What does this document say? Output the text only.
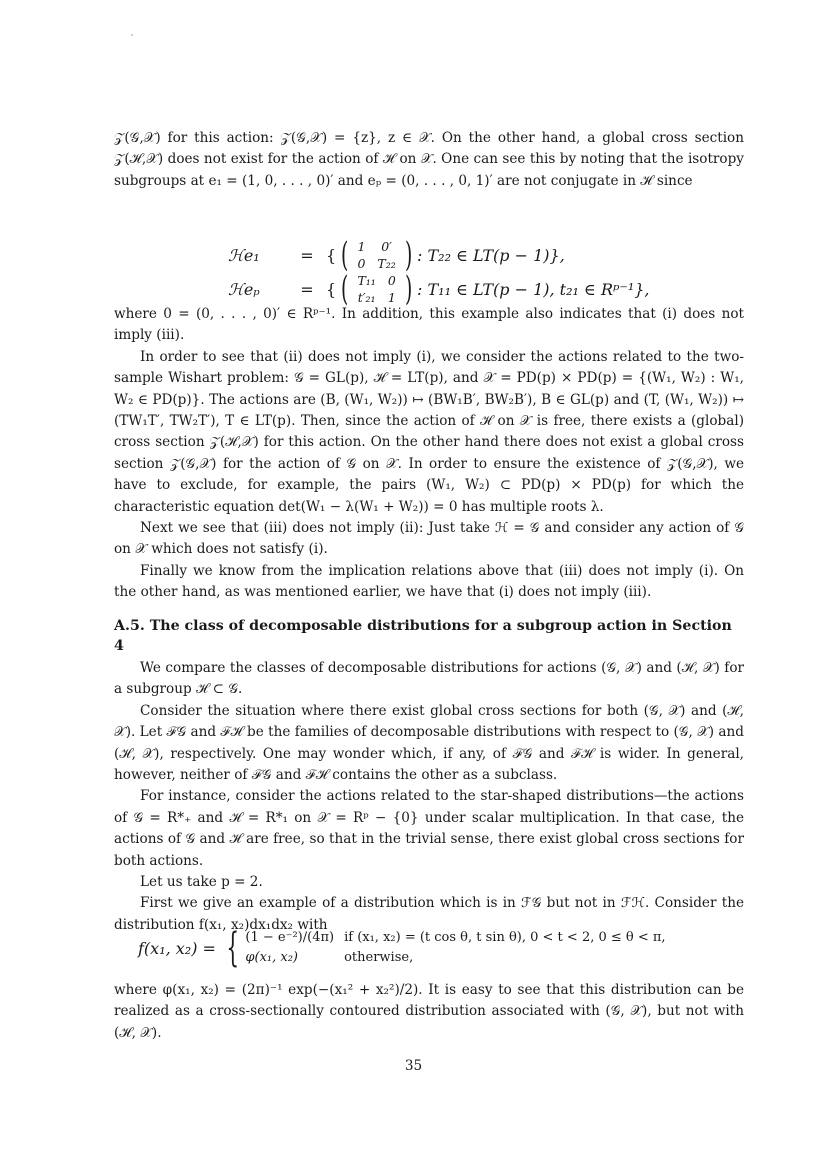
𝒵(𝒢,𝒳) for this action: 𝒵(𝒢,𝒳) = {z}, z ∈ 𝒳. On the other hand, a global cross section 𝒵(ℋ,𝒳) does not exist for the action of ℋ on 𝒳. One can see this by noting that the isotropy subgroups at e₁ = (1, 0, . . . , 0)′ and eₚ = (0, . . . , 0, 1)′ are not conjugate in ℋ since

ℋe₁	= { ( 1	0′
0	T₂₂ ) : T₂₂ ∈ LT(p − 1)},
ℋeₚ	= { ( T₁₁	0
t′₂₁	1 ) : T₁₁ ∈ LT(p − 1), t₂₁ ∈ Rᵖ⁻¹},

where 0 = (0, . . . , 0)′ ∈ Rᵖ⁻¹. In addition, this example also indicates that (i) does not imply (iii).

In order to see that (ii) does not imply (i), we consider the actions related to the two-sample Wishart problem: 𝒢 = GL(p), ℋ = LT(p), and 𝒳 = PD(p) × PD(p) = {(W₁, W₂) : W₁, W₂ ∈ PD(p)}. The actions are (B, (W₁, W₂)) ↦ (BW₁B′, BW₂B′), B ∈ GL(p) and (T, (W₁, W₂)) ↦ (TW₁T′, TW₂T′), T ∈ LT(p). Then, since the action of ℋ on 𝒳 is free, there exists a (global) cross section 𝒵(ℋ,𝒳) for this action. On the other hand there does not exist a global cross section 𝒵(𝒢,𝒳) for the action of 𝒢 on 𝒳. In order to ensure the existence of 𝒵(𝒢,𝒳), we have to exclude, for example, the pairs (W₁, W₂) ⊂ PD(p) × PD(p) for which the characteristic equation det(W₁ − λ(W₁ + W₂)) = 0 has multiple roots λ.

Next we see that (iii) does not imply (ii): Just take ℋ = 𝒢 and consider any action of 𝒢 on 𝒳 which does not satisfy (i).

Finally we know from the implication relations above that (iii) does not imply (i). On the other hand, as was mentioned earlier, we have that (i) does not imply (iii).

A.5. The class of decomposable distributions for a subgroup action in Section 4

We compare the classes of decomposable distributions for actions (𝒢, 𝒳) and (ℋ, 𝒳) for a subgroup ℋ ⊂ 𝒢.

Consider the situation where there exist global cross sections for both (𝒢, 𝒳) and (ℋ, 𝒳). Let ℱ𝒢 and ℱℋ be the families of decomposable distributions with respect to (𝒢, 𝒳) and (ℋ, 𝒳), respectively. One may wonder which, if any, of ℱ𝒢 and ℱℋ is wider. In general, however, neither of ℱ𝒢 and ℱℋ contains the other as a subclass.

For instance, consider the actions related to the star-shaped distributions—the actions of 𝒢 = R*₊ and ℋ = R*₁ on 𝒳 = Rᵖ − {0} under scalar multiplication. In that case, the actions of 𝒢 and ℋ are free, so that in the trivial sense, there exist global cross sections for both actions.

Let us take p = 2.

First we give an example of a distribution which is in ℱ𝒢 but not in ℱℋ. Consider the distribution f(x₁, x₂)dx₁dx₂ with

f(x₁, x₂) = { (1 − e⁻²)/(4π)	if (x₁, x₂) = (t cos θ, t sin θ), 0 < t < 2, 0 ≤ θ < π,
φ(x₁, x₂)	otherwise,

where φ(x₁, x₂) = (2π)⁻¹ exp(−(x₁² + x₂²)/2). It is easy to see that this distribution can be realized as a cross-sectionally contoured distribution associated with (𝒢, 𝒳), but not with (ℋ, 𝒳).

35
